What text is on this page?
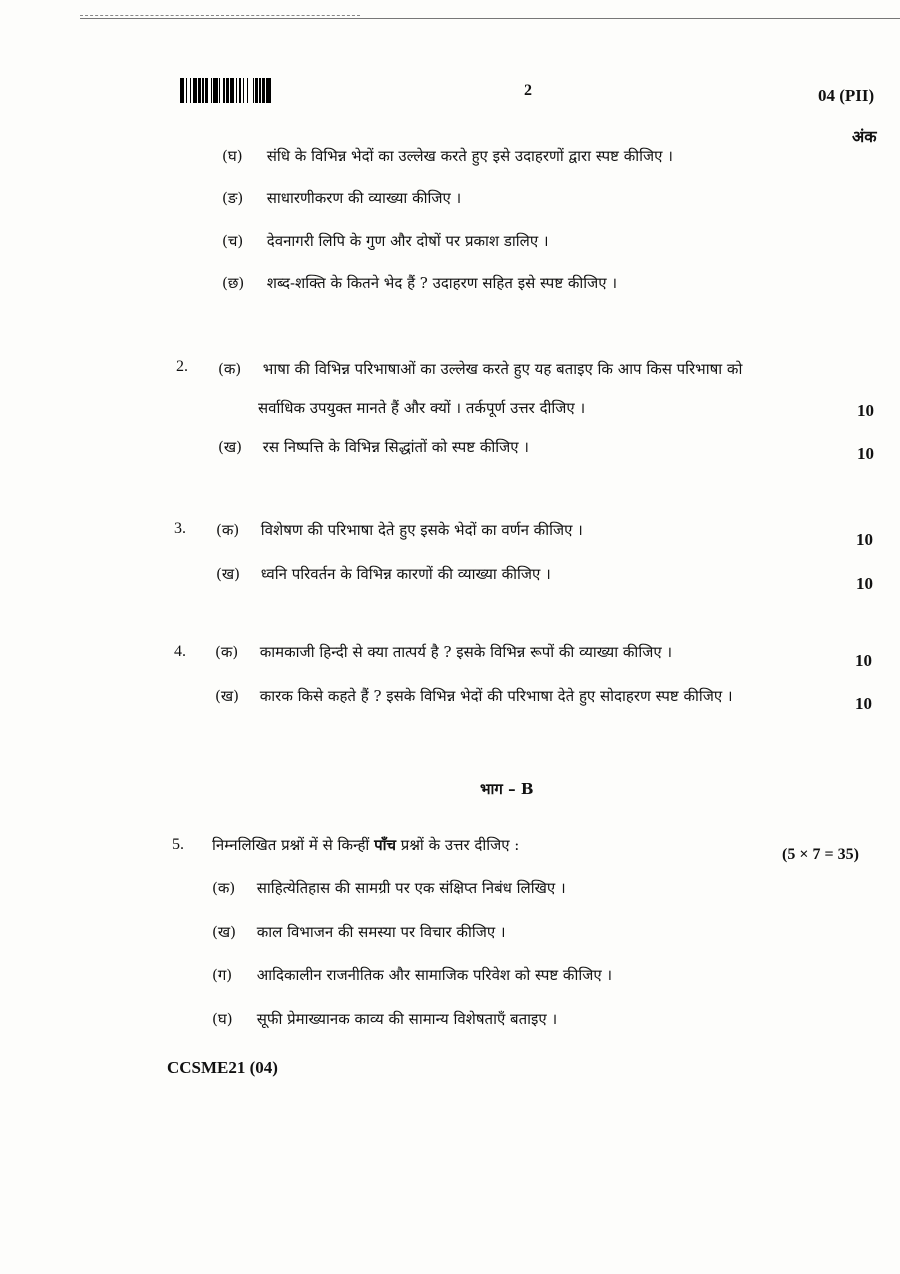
2	04 (PII)
अंक
(घ) संधि के विभिन्न भेदों का उल्लेख करते हुए इसे उदाहरणों द्वारा स्पष्ट कीजिए ।
(ङ) साधारणीकरण की व्याख्या कीजिए ।
(च) देवनागरी लिपि के गुण और दोषों पर प्रकाश डालिए ।
(छ) शब्द-शक्ति के कितने भेद हैं ? उदाहरण सहित इसे स्पष्ट कीजिए ।
2. (क) भाषा की विभिन्न परिभाषाओं का उल्लेख करते हुए यह बताइए कि आप किस परिभाषा को
सर्वाधिक उपयुक्त मानते हैं और क्यों । तर्कपूर्ण उत्तर दीजिए ।	10
(ख) रस निष्पत्ति के विभिन्न सिद्धांतों को स्पष्ट कीजिए ।	10
3. (क) विशेषण की परिभाषा देते हुए इसके भेदों का वर्णन कीजिए ।	10
(ख) ध्वनि परिवर्तन के विभिन्न कारणों की व्याख्या कीजिए ।	10
4. (क) कामकाजी हिन्दी से क्या तात्पर्य है ? इसके विभिन्न रूपों की व्याख्या कीजिए ।	10
(ख) कारक किसे कहते हैं ? इसके विभिन्न भेदों की परिभाषा देते हुए सोदाहरण स्पष्ट कीजिए ।	10
भाग – B
5. निम्नलिखित प्रश्नों में से किन्हीं पाँच प्रश्नों के उत्तर दीजिए :
(5 × 7 = 35)
(क) साहित्येतिहास की सामग्री पर एक संक्षिप्त निबंध लिखिए ।
(ख) काल विभाजन की समस्या पर विचार कीजिए ।
(ग) आदिकालीन राजनीतिक और सामाजिक परिवेश को स्पष्ट कीजिए ।
(घ) सूफी प्रेमाख्यानक काव्य की सामान्य विशेषताएँ बताइए ।
CCSME21 (04)
